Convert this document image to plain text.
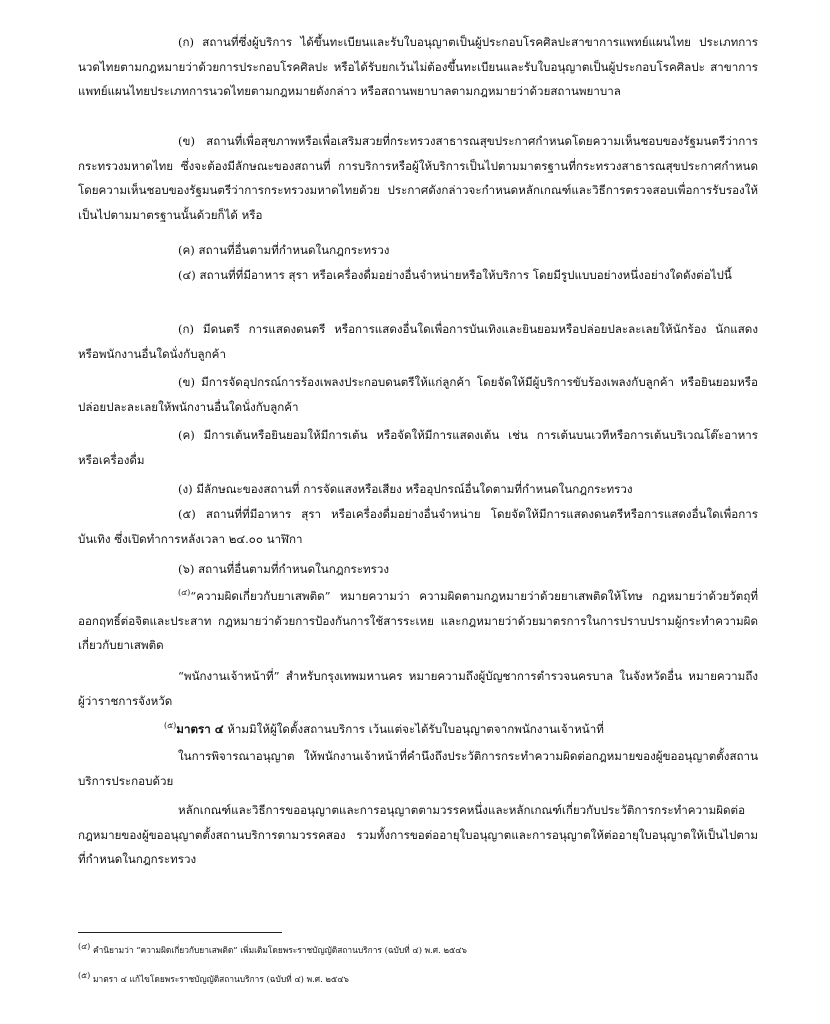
(ก) สถานที่ซึ่งผู้บริการ ได้ขึ้นทะเบียนและรับใบอนุญาตเป็นผู้ประกอบโรคศิลปะสาขาการแพทย์แผนไทย ประเภทการนวดไทยตามกฎหมายว่าด้วยการประกอบโรคศิลปะ หรือได้รับยกเว้นไม่ต้องขึ้นทะเบียนและรับใบอนุญาตเป็นผู้ประกอบโรคศิลปะ สาขาการแพทย์แผนไทยประเภทการนวดไทยตามกฎหมายดังกล่าว หรือสถานพยาบาลตามกฎหมายว่าด้วยสถานพยาบาล
(ข) สถานที่เพื่อสุขภาพหรือเพื่อเสริมสวยที่กระทรวงสาธารณสุขประกาศกำหนดโดยความเห็นชอบของรัฐมนตรีว่าการกระทรวงมหาดไทย ซึ่งจะต้องมีลักษณะของสถานที่ การบริการหรือผู้ให้บริการเป็นไปตามมาตรฐานที่กระทรวงสาธารณสุขประกาศกำหนดโดยความเห็นชอบของรัฐมนตรีว่าการกระทรวงมหาดไทยด้วย ประกาศดังกล่าวจะกำหนดหลักเกณฑ์และวิธีการตรวจสอบเพื่อการรับรองให้เป็นไปตามมาตรฐานนั้นด้วยก็ได้ หรือ
(ค) สถานที่อื่นตามที่กำหนดในกฎกระทรวง
(๔) สถานที่ที่มีอาหาร สุรา หรือเครื่องดื่มอย่างอื่นจำหน่ายหรือให้บริการ โดยมีรูปแบบอย่างหนึ่งอย่างใดดังต่อไปนี้
(ก) มีดนตรี การแสดงดนตรี หรือการแสดงอื่นใดเพื่อการบันเทิงและยินยอมหรือปล่อยปละละเลยให้นักร้อง นักแสดง หรือพนักงานอื่นใดนั่งกับลูกค้า
(ข) มีการจัดอุปกรณ์การร้องเพลงประกอบดนตรีให้แก่ลูกค้า โดยจัดให้มีผู้บริการขับร้องเพลงกับลูกค้า หรือยินยอมหรือปล่อยปละละเลยให้พนักงานอื่นใดนั่งกับลูกค้า
(ค) มีการเต้นหรือยินยอมให้มีการเต้น หรือจัดให้มีการแสดงเต้น เช่น การเต้นบนเวทีหรือการเต้นบริเวณโต๊ะอาหารหรือเครื่องดื่ม
(ง) มีลักษณะของสถานที่ การจัดแสงหรือเสียง หรืออุปกรณ์อื่นใดตามที่กำหนดในกฎกระทรวง
(๕) สถานที่ที่มีอาหาร สุรา หรือเครื่องดื่มอย่างอื่นจำหน่าย โดยจัดให้มีการแสดงดนตรีหรือการแสดงอื่นใดเพื่อการบันเทิง ซึ่งเปิดทำการหลังเวลา ๒๔.๐๐ นาฬิกา
(๖) สถานที่อื่นตามที่กำหนดในกฎกระทรวง
$^{(๔)}$“ความผิดเกี่ยวกับยาเสพติด” หมายความว่า ความผิดตามกฎหมายว่าด้วยยาเสพติดให้โทษ กฎหมายว่าด้วยวัตถุที่ออกฤทธิ์ต่อจิตและประสาท กฎหมายว่าด้วยการป้องกันการใช้สารระเหย และกฎหมายว่าด้วยมาตรการในการปราบปรามผู้กระทำความผิดเกี่ยวกับยาเสพติด
“พนักงานเจ้าหน้าที่” สำหรับกรุงเทพมหานคร หมายความถึงผู้บัญชาการตำรวจนครบาล ในจังหวัดอื่น หมายความถึง ผู้ว่าราชการจังหวัด
$^{(๕)}$มาตรา ๔ ห้ามมิให้ผู้ใดตั้งสถานบริการ เว้นแต่จะได้รับใบอนุญาตจากพนักงานเจ้าหน้าที่
ในการพิจารณาอนุญาต ให้พนักงานเจ้าหน้าที่คำนึงถึงประวัติการกระทำความผิดต่อกฎหมายของผู้ขออนุญาตตั้งสถานบริการประกอบด้วย
หลักเกณฑ์และวิธีการขออนุญาตและการอนุญาตตามวรรคหนึ่งและหลักเกณฑ์เกี่ยวกับประวัติการกระทำความผิดต่อกฎหมายของผู้ขออนุญาตตั้งสถานบริการตามวรรคสอง รวมทั้งการขอต่ออายุใบอนุญาตและการอนุญาตให้ต่ออายุใบอนุญาตให้เป็นไปตามที่กำหนดในกฎกระทรวง
$^{(๔)}$ คำนิยามว่า “ความผิดเกี่ยวกับยาเสพติด” เพิ่มเติมโดยพระราชบัญญัติสถานบริการ (ฉบับที่ ๔) พ.ศ. ๒๕๔๖
$^{(๕)}$ มาตรา ๔ แก้ไขโดยพระราชบัญญัติสถานบริการ (ฉบับที่ ๔) พ.ศ. ๒๕๔๖
